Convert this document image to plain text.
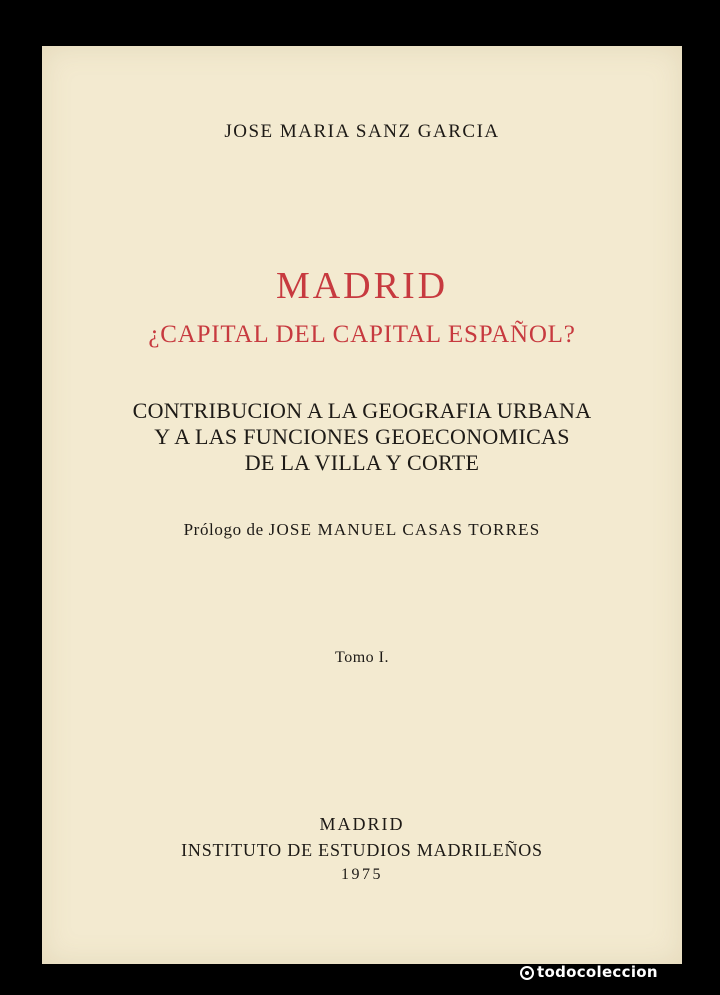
JOSE MARIA SANZ GARCIA

MADRID

¿CAPITAL DEL CAPITAL ESPAÑOL?

CONTRIBUCION A LA GEOGRAFIA URBANA

Y A LAS FUNCIONES GEOECONOMICAS

DE LA VILLA Y CORTE

Prólogo de JOSE MANUEL CASAS TORRES

Tomo I.

MADRID

INSTITUTO DE ESTUDIOS MADRILEÑOS

1975

todocoleccion
